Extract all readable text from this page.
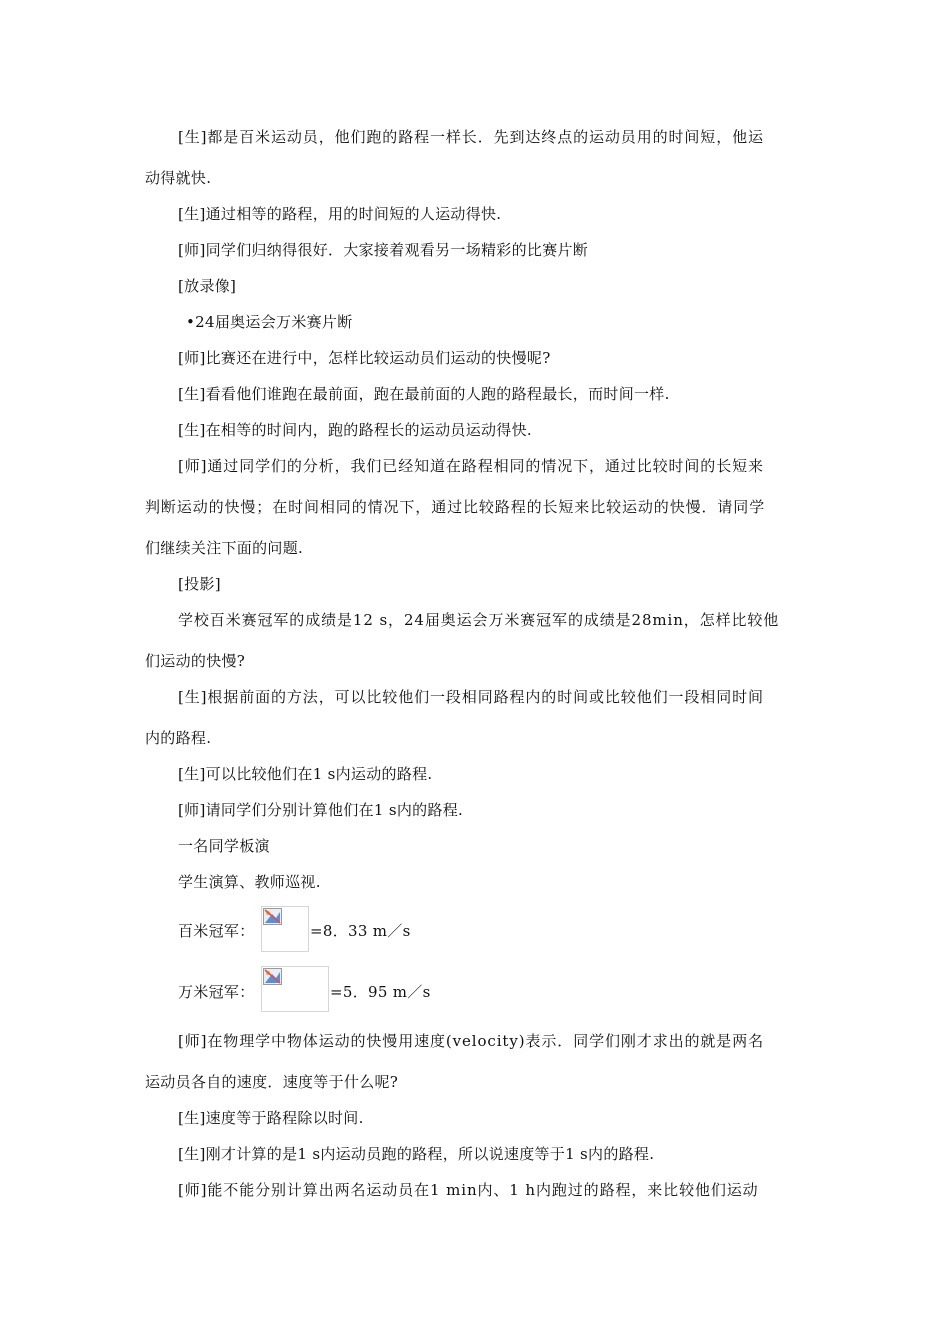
[生]都是百米运动员，他们跑的路程一样长．先到达终点的运动员用的时间短，他运
动得就快.
[生]通过相等的路程，用的时间短的人运动得快.
[师]同学们归纳得很好．大家接着观看另一场精彩的比赛片断
[放录像]
•24届奥运会万米赛片断
[师]比赛还在进行中，怎样比较运动员们运动的快慢呢?
[生]看看他们谁跑在最前面，跑在最前面的人跑的路程最长，而时间一样.
[生]在相等的时间内，跑的路程长的运动员运动得快.
[师]通过同学们的分析，我们已经知道在路程相同的情况下，通过比较时间的长短来
判断运动的快慢；在时间相同的情况下，通过比较路程的长短来比较运动的快慢．请同学
们继续关注下面的问题.
[投影]
学校百米赛冠军的成绩是12 s，24届奥运会万米赛冠军的成绩是28min，怎样比较他
们运动的快慢?
[生]根据前面的方法，可以比较他们一段相同路程内的时间或比较他们一段相同时间
内的路程.
[生]可以比较他们在1 s内运动的路程.
[师]请同学们分别计算他们在1 s内的路程.
一名同学板演
学生演算、教师巡视.
百米冠军：	=8．33 m／s
万米冠军：	=5．95 m／s
[师]在物理学中物体运动的快慢用速度(velocity)表示．同学们刚才求出的就是两名
运动员各自的速度．速度等于什么呢?
[生]速度等于路程除以时间.
[生]刚才计算的是1 s内运动员跑的路程，所以说速度等于1 s内的路程.
[师]能不能分别计算出两名运动员在1 min内、1 h内跑过的路程，来比较他们运动
